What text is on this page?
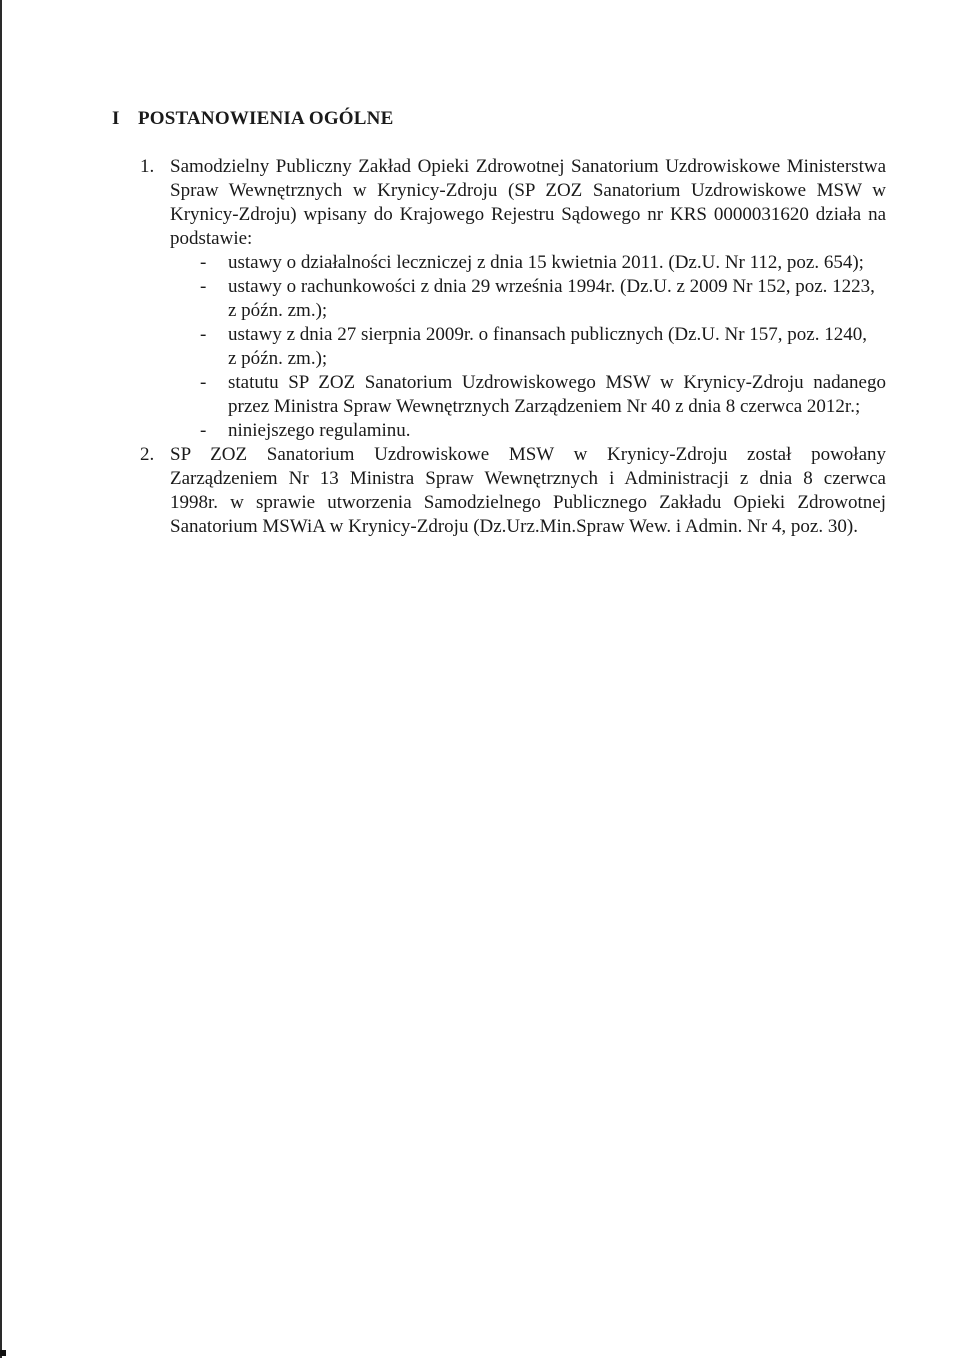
I POSTANOWIENIA OGÓLNE
1. Samodzielny Publiczny Zakład Opieki Zdrowotnej Sanatorium Uzdrowiskowe Ministerstwa
Spraw Wewnętrznych w Krynicy-Zdroju (SP ZOZ Sanatorium Uzdrowiskowe MSW w
Krynicy-Zdroju) wpisany do Krajowego Rejestru Sądowego nr KRS 0000031620 działa na
podstawie:
- ustawy o działalności leczniczej z dnia 15 kwietnia 2011. (Dz.U. Nr 112, poz. 654);
- ustawy o rachunkowości z dnia 29 września 1994r. (Dz.U. z 2009 Nr 152, poz. 1223,
z późn. zm.);
- ustawy z dnia 27 sierpnia 2009r. o finansach publicznych (Dz.U. Nr 157, poz. 1240,
z późn. zm.);
- statutu SP ZOZ Sanatorium Uzdrowiskowego MSW w Krynicy-Zdroju nadanego
przez Ministra Spraw Wewnętrznych Zarządzeniem Nr 40 z dnia 8 czerwca 2012r.;
- niniejszego regulaminu.
2. SP ZOZ Sanatorium Uzdrowiskowe MSW w Krynicy-Zdroju został powołany
Zarządzeniem Nr 13 Ministra Spraw Wewnętrznych i Administracji z dnia 8 czerwca
1998r. w sprawie utworzenia Samodzielnego Publicznego Zakładu Opieki Zdrowotnej
Sanatorium MSWiA w Krynicy-Zdroju (Dz.Urz.Min.Spraw Wew. i Admin. Nr 4, poz. 30).
